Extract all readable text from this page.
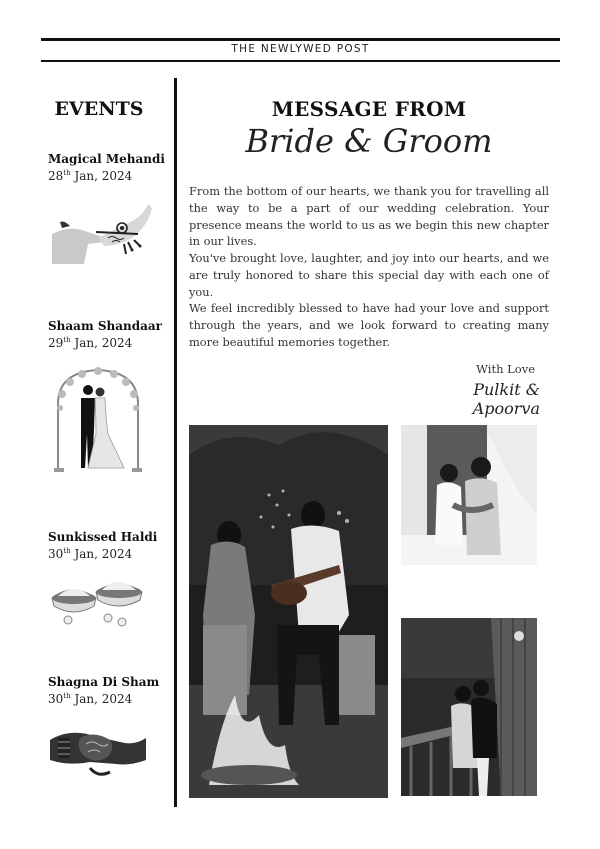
THE NEWLYWED POST
EVENTS
Magical Mehandi
28th Jan, 2024
Shaam Shandaar
29th Jan, 2024
Sunkissed Haldi
30th Jan, 2024
Shagna Di Sham
30th Jan, 2024
MESSAGE FROM
Bride & Groom

From the bottom of our hearts, we thank you for travelling all the way to be a part of our wedding celebration. Your presence means the world to us as we begin this new chapter in our lives.

You've brought love, laughter, and joy into our hearts, and we are truly honored to share this special day with each one of you.

We feel incredibly blessed to have had your love and support through the years, and we look forward to creating many more beautiful memories together.

With Love
Pulkit & Apoorva
